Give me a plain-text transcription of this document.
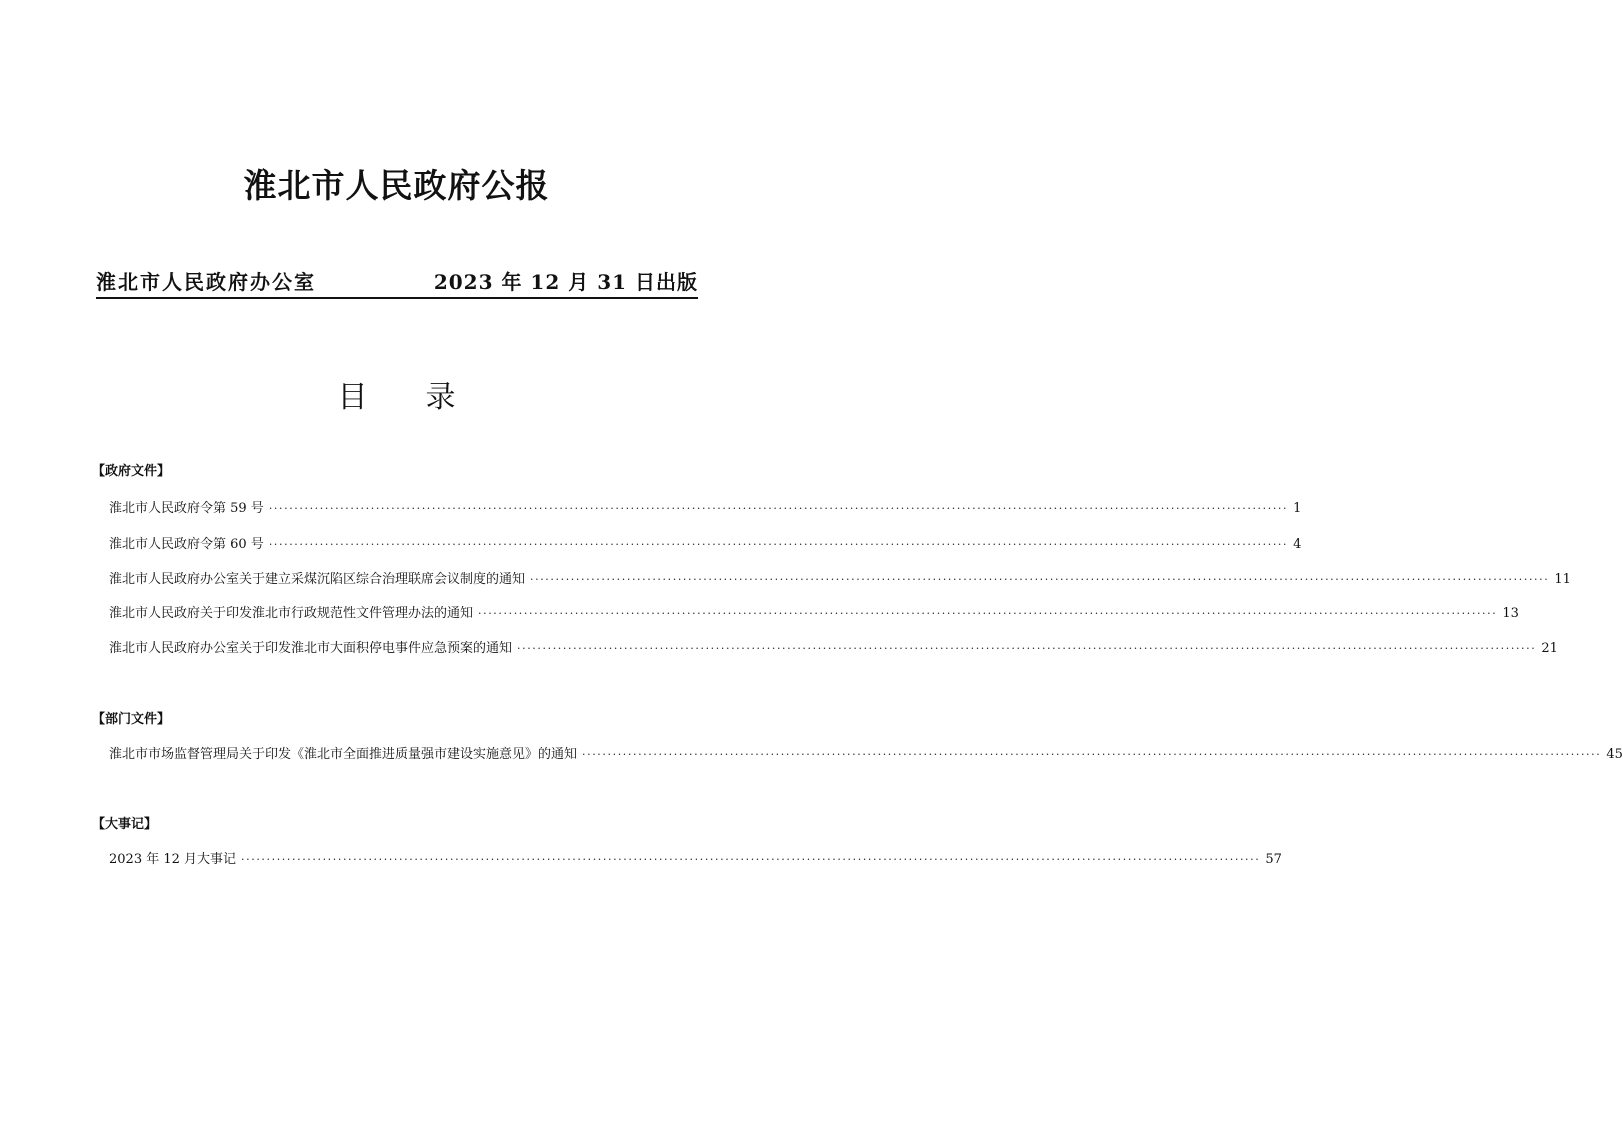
淮北市人民政府公报
淮北市人民政府办公室	2023 年 12 月 31 日出版
目录
【政府文件】
淮北市人民政府令第 59 号 ········································································································································································································ 1
淮北市人民政府令第 60 号 ········································································································································································································ 4
淮北市人民政府办公室关于建立采煤沉陷区综合治理联席会议制度的通知 ········································································································································································································ 11
淮北市人民政府关于印发淮北市行政规范性文件管理办法的通知 ········································································································································································································ 13
淮北市人民政府办公室关于印发淮北市大面积停电事件应急预案的通知 ········································································································································································································ 21
【部门文件】
淮北市市场监督管理局关于印发《淮北市全面推进质量强市建设实施意见》的通知 ········································································································································································································ 45
【大事记】
2023 年 12 月大事记 ········································································································································································································ 57
